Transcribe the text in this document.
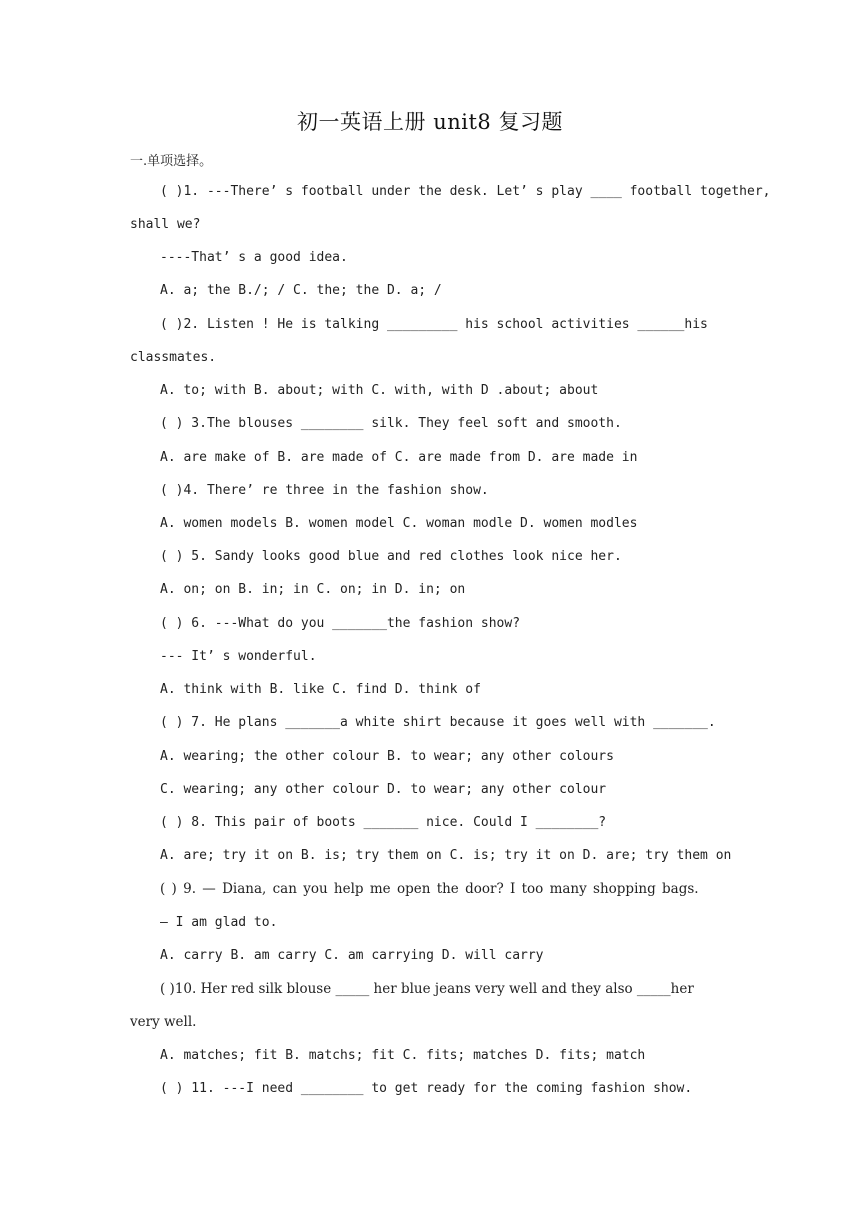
初一英语上册 unit8 复习题
一.单项选择。
( )1. ---There’ s football under the desk. Let’ s play ____ football together,
shall we?
----That’ s a good idea.
A. a; the B./; / C. the; the D. a; /
( )2. Listen ! He is talking _________ his school activities ______his
classmates.
A. to; with B. about; with C. with, with D .about; about
( ) 3.The blouses ________ silk. They feel soft and smooth.
A. are make of B. are made of C. are made from D. are made in
( )4. There’ re three in the fashion show.
A. women models B. women model C. woman modle D. women modles
( ) 5. Sandy looks good blue and red clothes look nice her.
A. on; on B. in; in C. on; in D. in; on
( ) 6. ---What do you _______the fashion show?
--- It’ s wonderful.
A. think with B. like C. find D. think of
( ) 7. He plans _______a white shirt because it goes well with _______.
A. wearing; the other colour B. to wear; any other colours
C. wearing; any other colour D. to wear; any other colour
( ) 8. This pair of boots _______ nice. Could I ________?
A. are; try it on B. is; try them on C. is; try it on D. are; try them on
( ) 9. — Diana, can you help me open the door? I too many shopping bags.
— I am glad to.
A. carry B. am carry C. am carrying D. will carry
( )10. Her red silk blouse _____ her blue jeans very well and they also _____her
very well.
A. matches; fit B. matchs; fit C. fits; matches D. fits; match
( ) 11. ---I need ________ to get ready for the coming fashion show.
